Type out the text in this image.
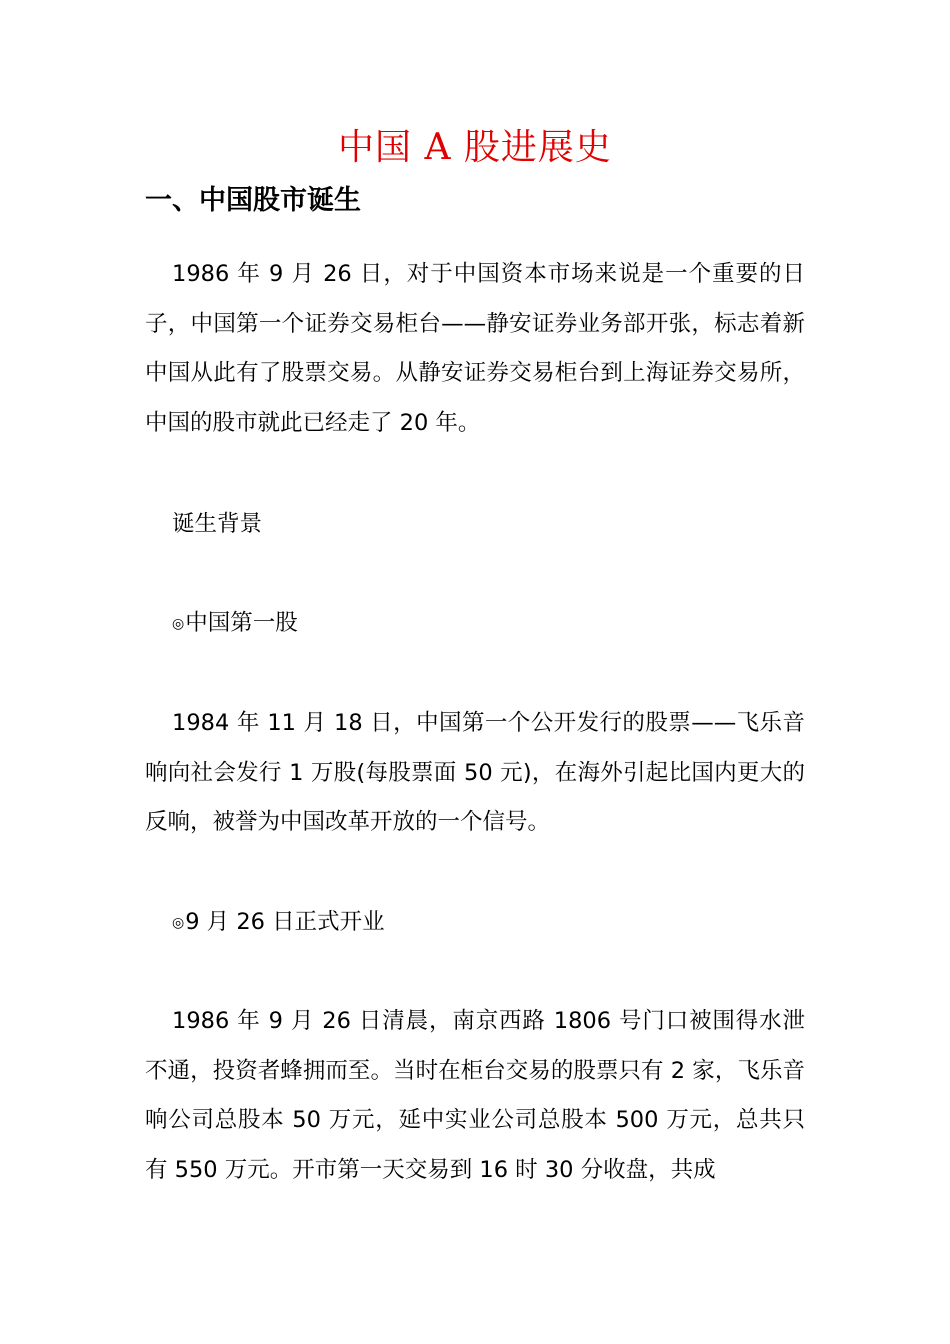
中国 A 股进展史
一、中国股市诞生

1986 年 9 月 26 日，对于中国资本市场来说是一个重要的日子，中国第一个证券交易柜台——静安证券业务部开张，标志着新中国从此有了股票交易。从静安证券交易柜台到上海证券交易所，中国的股市就此已经走了 20 年。

诞生背景

◎中国第一股

1984 年 11 月 18 日，中国第一个公开发行的股票——飞乐音响向社会发行 1 万股(每股票面 50 元)，在海外引起比国内更大的反响，被誉为中国改革开放的一个信号。

◎9 月 26 日正式开业

1986 年 9 月 26 日清晨，南京西路 1806 号门口被围得水泄不通，投资者蜂拥而至。当时在柜台交易的股票只有 2 家，飞乐音响公司总股本 50 万元，延中实业公司总股本 500 万元，总共只有 550 万元。开市第一天交易到 16 时 30 分收盘，共成
